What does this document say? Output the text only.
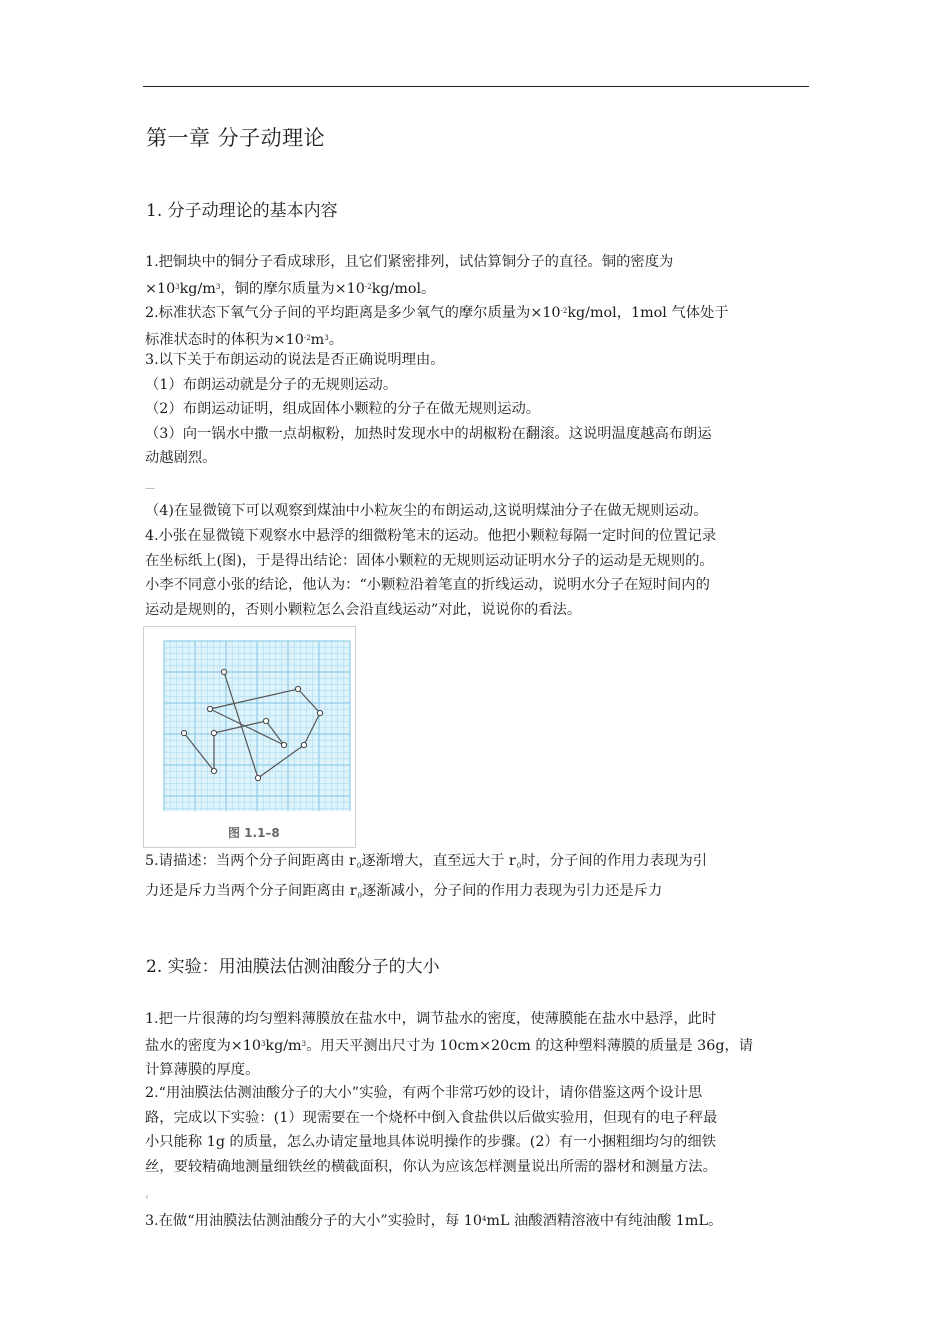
第一章 分子动理论
1. 分子动理论的基本内容
1.把铜块中的铜分子看成球形，且它们紧密排列，试估算铜分子的直径。铜的密度为
$\times 10^3kg/m^3$，铜的摩尔质量为$\times 10^{-2}kg$/mol。
2.标准状态下氧气分子间的平均距离是多少氧气的摩尔质量为$\times 10^{-2}kg$/mol，1mol 气体处于
标准状态时的体积为$\times 10^{-2}m^3$。
3.以下关于布朗运动的说法是否正确说明理由。
（1）布朗运动就是分子的无规则运动。
（2）布朗运动证明，组成固体小颗粒的分子在做无规则运动。
（3）向一锅水中撒一点胡椒粉，加热时发现水中的胡椒粉在翻滚。这说明温度越高布朗运
动越剧烈。
—
（4)在显微镜下可以观察到煤油中小粒灰尘的布朗运动,这说明煤油分子在做无规则运动。
4.小张在显微镜下观察水中悬浮的细微粉笔末的运动。他把小颗粒每隔一定时间的位置记录
在坐标纸上(图)，于是得出结论：固体小颗粒的无规则运动证明水分子的运动是无规则的。
小李不同意小张的结论，他认为：“小颗粒沿着笔直的折线运动，说明水分子在短时间内的
运动是规则的，否则小颗粒怎么会沿直线运动”对此，说说你的看法。
图 1.1–8
5.请描述：当两个分子间距离由 $r_0$逐渐增大，直至远大于 $r_0$时，分子间的作用力表现为引
力还是斥力当两个分子间距离由 $r_0$逐渐减小，分子间的作用力表现为引力还是斥力
2. 实验：用油膜法估测油酸分子的大小
1.把一片很薄的均匀塑料薄膜放在盐水中，调节盐水的密度，使薄膜能在盐水中悬浮，此时
盐水的密度为$\times 10^3kg/m^3$。用天平测出尺寸为 10cm×20cm 的这种塑料薄膜的质量是 36g，请
计算薄膜的厚度。
2.“用油膜法估测油酸分子的大小”实验，有两个非常巧妙的设计，请你借鉴这两个设计思
路，完成以下实验：(1）现需要在一个烧杯中倒入食盐供以后做实验用，但现有的电子秤最
小只能称 1g 的质量，怎么办请定量地具体说明操作的步骤。(2）有一小捆粗细均匀的细铁
丝，要较精确地测量细铁丝的横截面积，你认为应该怎样测量说出所需的器材和测量方法。
‹
3.在做“用油膜法估测油酸分子的大小”实验时，每 $10^4mL$ 油酸酒精溶液中有纯油酸 1mL。
